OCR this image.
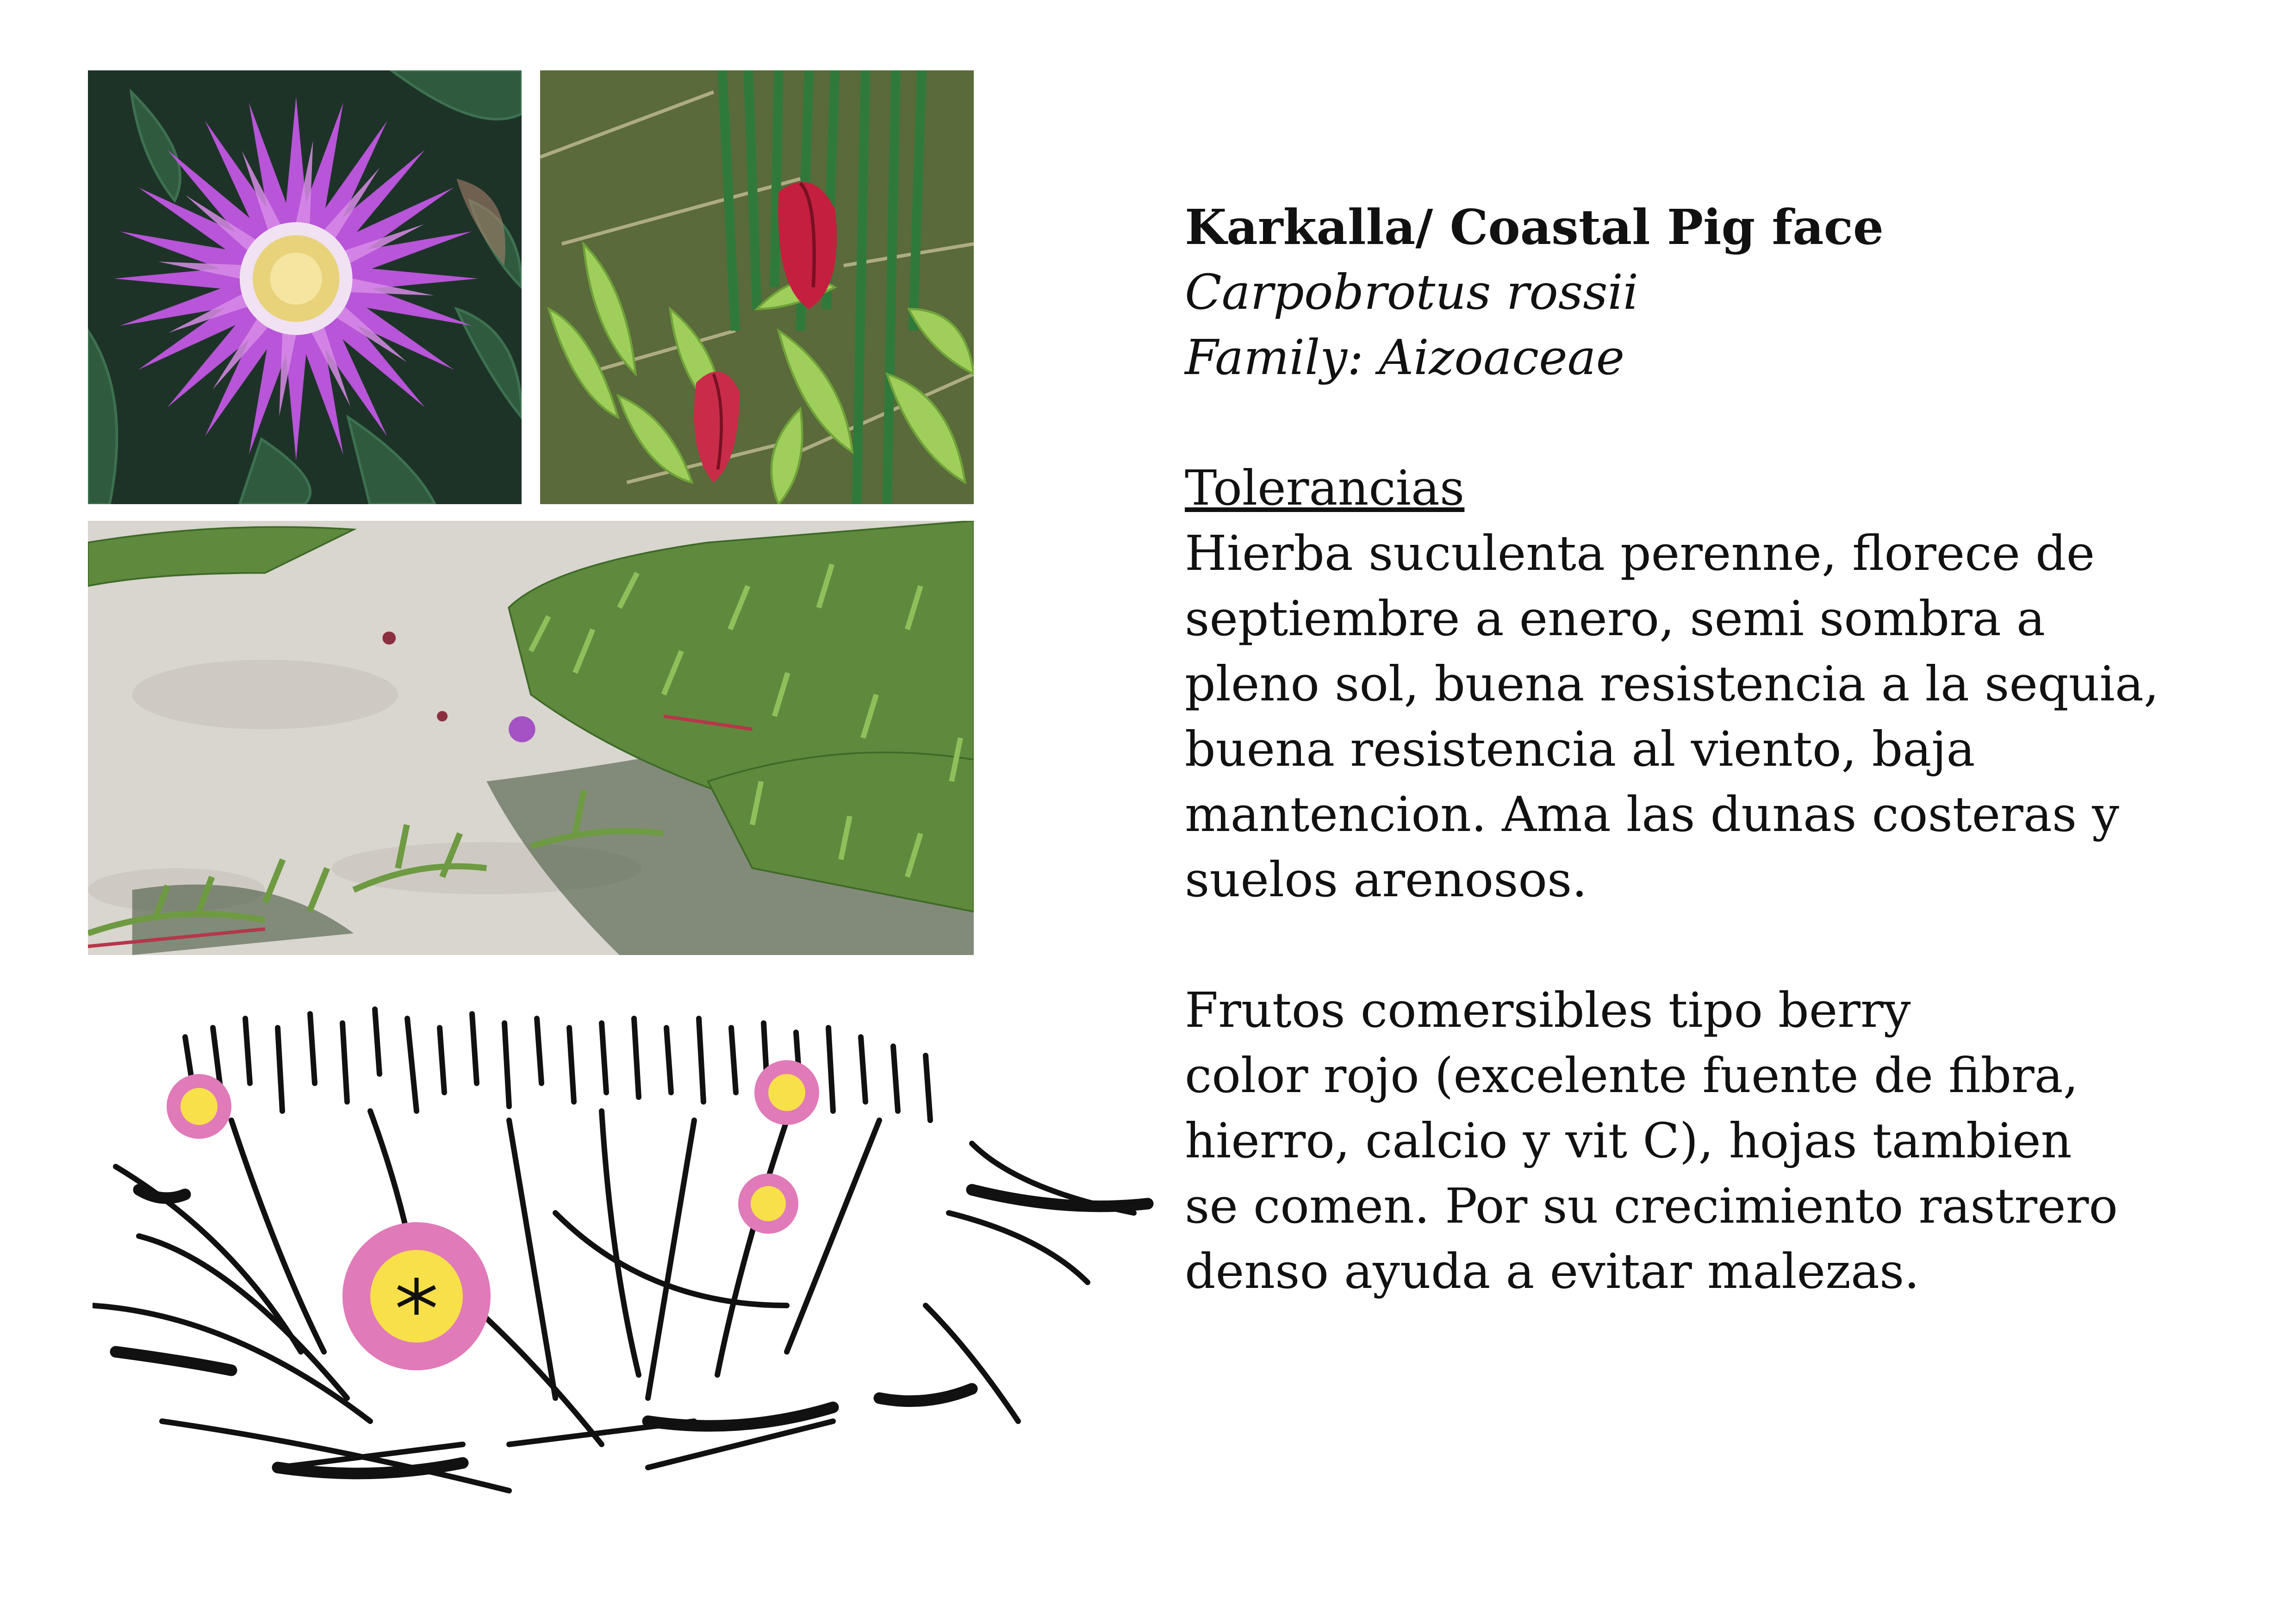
Karkalla/ Coastal Pig face

Carpobrotus rossii

Family: Aizoaceae

Tolerancias

Hierba suculenta perenne, florece de
septiembre a enero, semi sombra a
pleno sol, buena resistencia a la sequia,
buena resistencia al viento, baja
mantencion. Ama las dunas costeras y
suelos arenosos.

Frutos comersibles tipo berry
color rojo (excelente fuente de fibra,
hierro, calcio y vit C), hojas tambien
se comen. Por su crecimiento rastrero
denso ayuda a evitar malezas.
